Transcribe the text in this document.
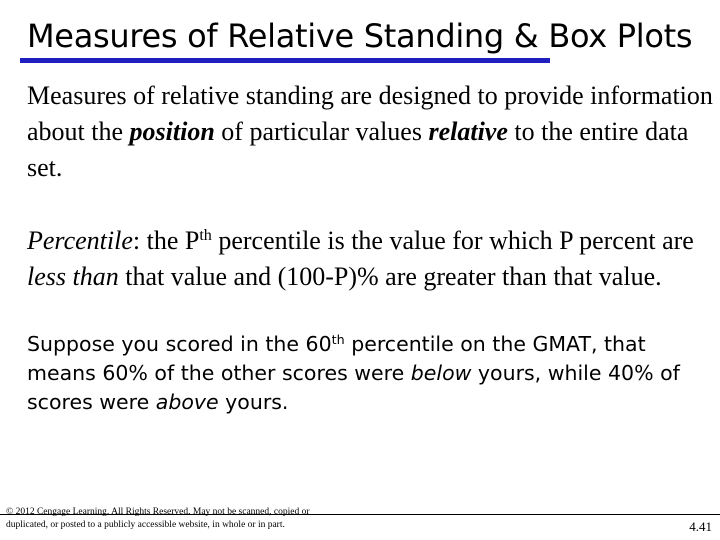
Measures of Relative Standing & Box Plots
Measures of relative standing are designed to provide information about the position of particular values relative to the entire data set.
Percentile: the $P^{th}$ percentile is the value for which P percent are less than that value and (100-P)% are greater than that value.
Suppose you scored in the 60th percentile on the GMAT, that means 60% of the other scores were below yours, while 40% of scores were above yours.
© 2012 Cengage Learning. All Rights Reserved. May not be scanned, copied or duplicated, or posted to a publicly accessible website, in whole or in part.	4.41
